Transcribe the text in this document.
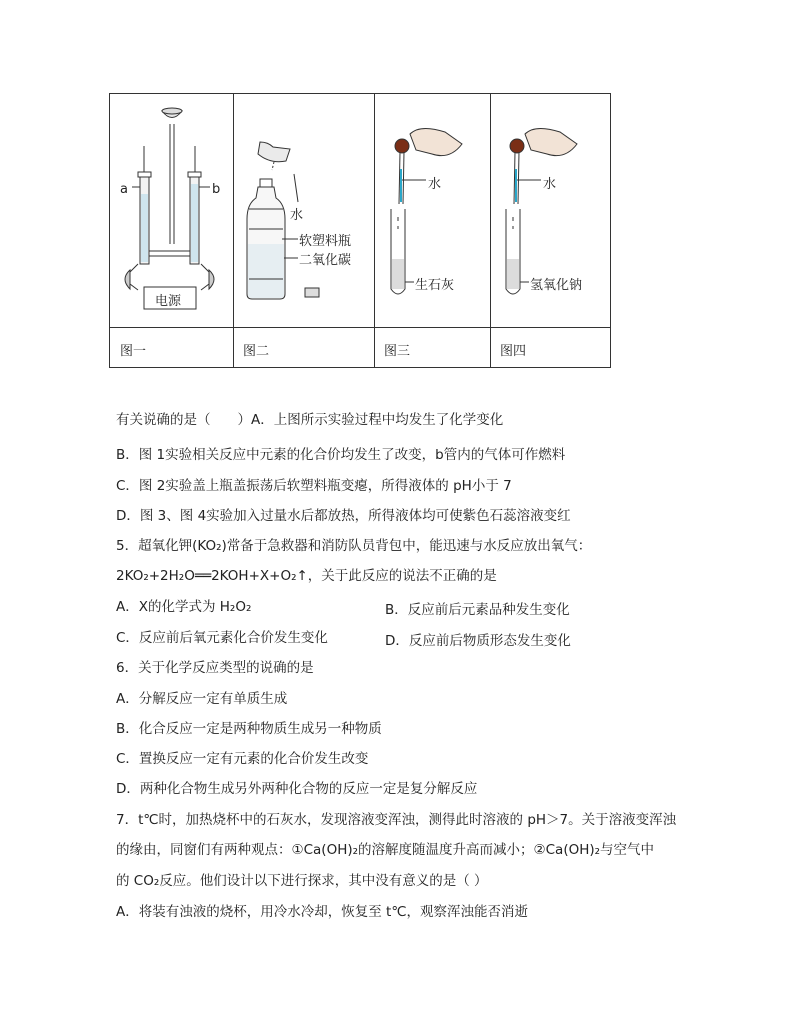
a	b
电源
水
软塑料瓶
二氧化碳
水
生石灰
水
氢氧化钠
图一	图二	图三	图四
有关说确的是（　　）A．上图所示实验过程中均发生了化学变化
B．图 1实验相关反应中元素的化合价均发生了改变，b管内的气体可作燃料
C．图 2实验盖上瓶盖振荡后软塑料瓶变瘪，所得液体的 pH小于 7
D．图 3、图 4实验加入过量水后都放热，所得液体均可使紫色石蕊溶液变红
5．超氧化钾(KO₂)常备于急救器和消防队员背包中，能迅速与水反应放出氧气：
2KO₂+2H₂O══2KOH+X+O₂↑，关于此反应的说法不正确的是
A．X的化学式为 H₂O₂	B．反应前后元素品种发生变化
C．反应前后氧元素化合价发生变化	D．反应前后物质形态发生变化
6．关于化学反应类型的说确的是
A．分解反应一定有单质生成
B．化合反应一定是两种物质生成另一种物质
C．置换反应一定有元素的化合价发生改变
D．两种化合物生成另外两种化合物的反应一定是复分解反应
7．t℃时，加热烧杯中的石灰水，发现溶液变浑浊，测得此时溶液的 pH＞7。关于溶液变浑浊
的缘由，同窗们有两种观点：①Ca(OH)₂的溶解度随温度升高而减小；②Ca(OH)₂与空气中
的 CO₂反应。他们设计以下进行探求，其中没有意义的是（ ）
A．将装有浊液的烧杯，用冷水冷却，恢复至 t℃，观察浑浊能否消逝
